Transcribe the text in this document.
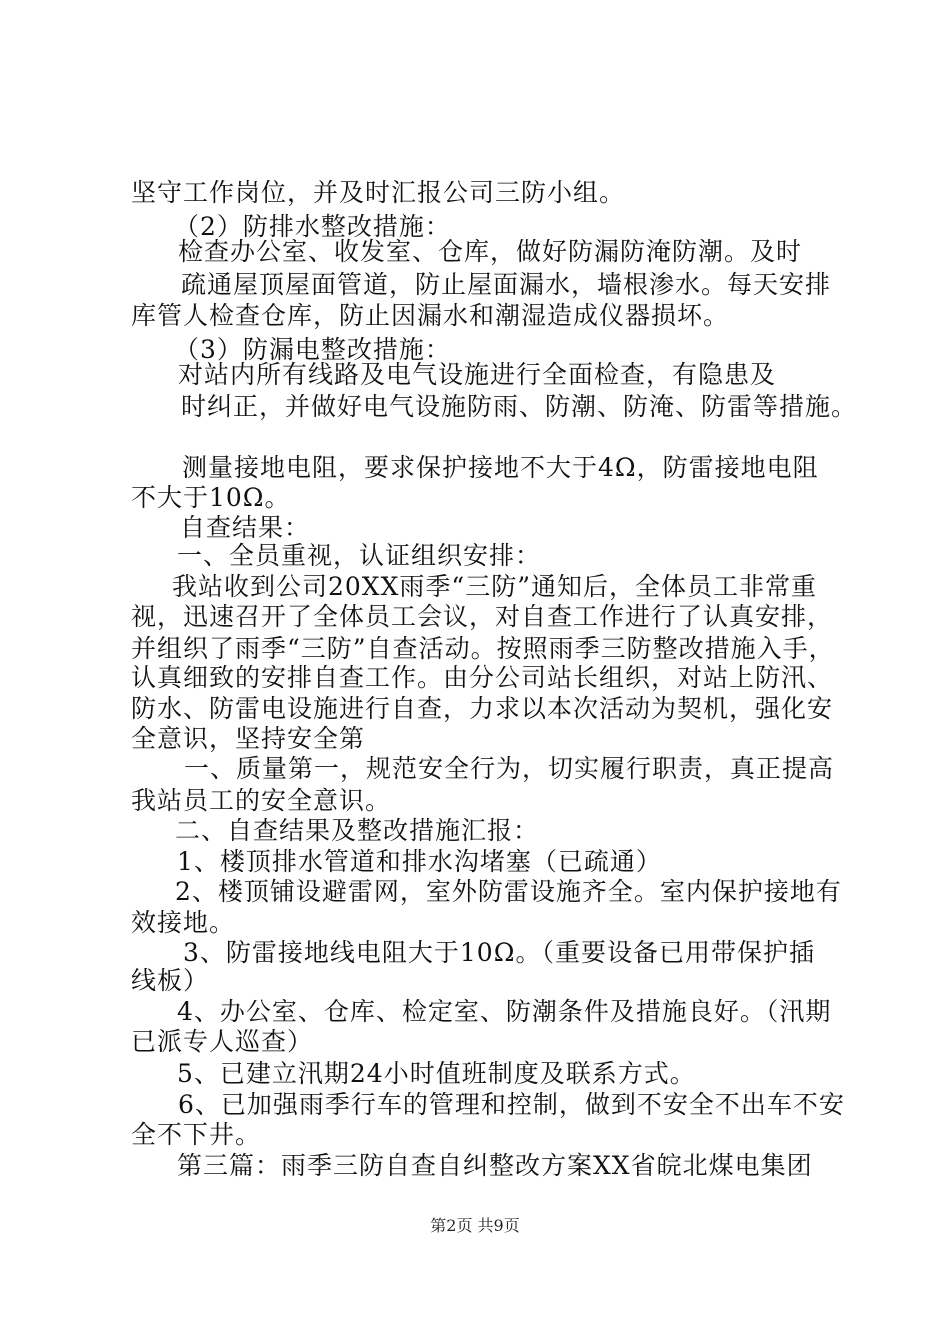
坚守工作岗位，并及时汇报公司三防小组。
（2）防排水整改措施：
检查办公室、收发室、仓库，做好防漏防淹防潮。及时
疏通屋顶屋面管道，防止屋面漏水，墙根渗水。每天安排
库管人检查仓库，防止因漏水和潮湿造成仪器损坏。
（3）防漏电整改措施：
对站内所有线路及电气设施进行全面检查，有隐患及
时纠正，并做好电气设施防雨、防潮、防淹、防雷等措施。
测量接地电阻，要求保护接地不大于4Ω，防雷接地电阻
不大于10Ω。
自查结果：
一、全员重视，认证组织安排：
我站收到公司20XX雨季“三防”通知后，全体员工非常重
视，迅速召开了全体员工会议，对自查工作进行了认真安排，
并组织了雨季“三防”自查活动。按照雨季三防整改措施入手，
认真细致的安排自查工作。由分公司站长组织，对站上防汛、
防水、防雷电设施进行自查，力求以本次活动为契机，强化安
全意识，坚持安全第
一、质量第一，规范安全行为，切实履行职责，真正提高
我站员工的安全意识。
二、自查结果及整改措施汇报：
1、楼顶排水管道和排水沟堵塞（已疏通）
2、楼顶铺设避雷网，室外防雷设施齐全。室内保护接地有
效接地。
3、防雷接地线电阻大于10Ω。（重要设备已用带保护插
线板）
4、办公室、仓库、检定室、防潮条件及措施良好。（汛期
已派专人巡查）
5、已建立汛期24小时值班制度及联系方式。
6、已加强雨季行车的管理和控制，做到不安全不出车不安
全不下井。
第三篇：雨季三防自查自纠整改方案XX省皖北煤电集团
第2页 共9页
